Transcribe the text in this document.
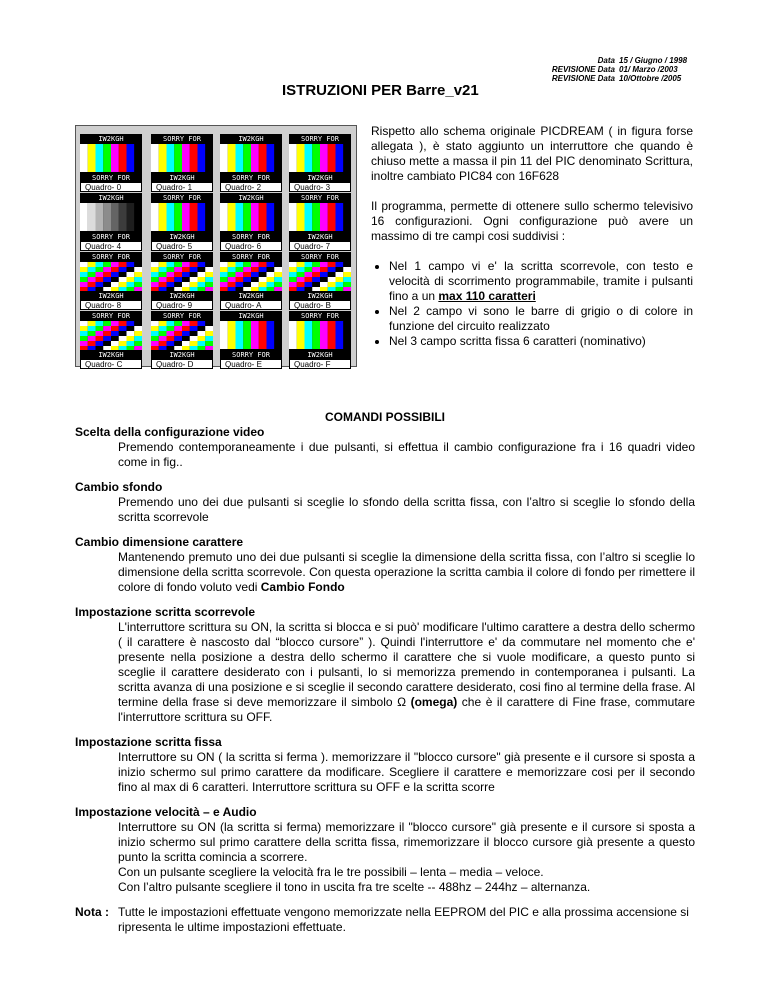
Data 15 / Giugno / 1998
REVISIONE Data 01/ Marzo /2003
REVISIONE Data 10/Ottobre /2005
ISTRUZIONI PER Barre_v21
IW2KGH
SORRY FOR
Quadro- 0
SORRY FOR
IW2KGH
Quadro- 1
IW2KGH
SORRY FOR
Quadro- 2
SORRY FOR
IW2KGH
Quadro- 3
IW2KGH
SORRY FOR
Quadro- 4
SORRY FOR
IW2KGH
Quadro- 5
IW2KGH
SORRY FOR
Quadro- 6
SORRY FOR
IW2KGH
Quadro- 7
SORRY FOR
IW2KGH
Quadro- 8
SORRY FOR
IW2KGH
Quadro- 9
SORRY FOR
IW2KGH
Quadro- A
SORRY FOR
IW2KGH
Quadro- B
SORRY FOR
IW2KGH
Quadro- C
SORRY FOR
IW2KGH
Quadro- D
IW2KGH
SORRY FOR
Quadro- E
SORRY FOR
IW2KGH
Quadro- F

Rispetto allo schema originale PICDREAM ( in figura forse allegata ), è stato aggiunto un interruttore che quando è chiuso mette a massa il pin 11 del PIC denominato Scrittura, inoltre cambiato PIC84 con 16F628

Il programma, permette di ottenere sullo schermo televisivo 16 configurazioni. Ogni configurazione può avere un massimo di tre campi cosi suddivisi :

• Nel 1 campo vi e' la scritta scorrevole, con testo e velocità di scorrimento programmabile, tramite i pulsanti fino a un max 110 caratteri
• Nel 2 campo vi sono le barre di grigio o di colore in funzione del circuito realizzato
• Nel 3 campo scritta fissa 6 caratteri (nominativo)

COMANDI POSSIBILI

Scelta della configurazione video

Premendo contemporaneamente i due pulsanti, si effettua il cambio configurazione fra i 16 quadri video come in fig..

Cambio sfondo

Premendo uno dei due pulsanti si sceglie lo sfondo della scritta fissa, con l’altro si sceglie lo sfondo della scritta scorrevole

Cambio dimensione carattere

Mantenendo premuto uno dei due pulsanti si sceglie la dimensione della scritta fissa, con l’altro si sceglie lo dimensione della scritta scorrevole. Con questa operazione la scritta cambia il colore di fondo per rimettere il colore di fondo voluto vedi Cambio Fondo

Impostazione scritta scorrevole

L'interruttore scrittura su ON, la scritta si blocca e si può' modificare l'ultimo carattere a destra dello schermo ( il carattere è nascosto dal “blocco cursore” ). Quindi l'interruttore e' da commutare nel momento che e' presente nella posizione a destra dello schermo il carattere che si vuole modificare, a questo punto si sceglie il carattere desiderato con i pulsanti, lo si memorizza premendo in contemporanea i pulsanti. La scritta avanza di una posizione e si sceglie il secondo carattere desiderato, cosi fino al termine della frase. Al termine della frase si deve memorizzare il simbolo Ω (omega) che è il carattere di Fine frase, commutare l'interruttore scrittura su OFF.

Impostazione scritta fissa

Interruttore su ON ( la scritta si ferma ). memorizzare il "blocco cursore" già presente e il cursore si sposta a inizio schermo sul primo carattere da modificare. Scegliere il carattere e memorizzare cosi per il secondo fino al max di 6 caratteri. Interruttore scrittura su OFF e la scritta scorre

Impostazione velocità – e Audio

Interruttore su ON (la scritta si ferma) memorizzare il "blocco cursore" già presente e il cursore si sposta a inizio schermo sul primo carattere della scritta fissa, rimemorizzare il blocco cursore già presente a questo punto la scritta comincia a scorrere.

Con un pulsante scegliere la velocità fra le tre possibili – lenta – media – veloce.

Con l’altro pulsante scegliere il tono in uscita fra tre scelte -- 488hz – 244hz – alternanza.

Nota : Tutte le impostazioni effettuate vengono memorizzate nella EEPROM del PIC e alla prossima accensione si ripresenta le ultime impostazioni effettuate.
